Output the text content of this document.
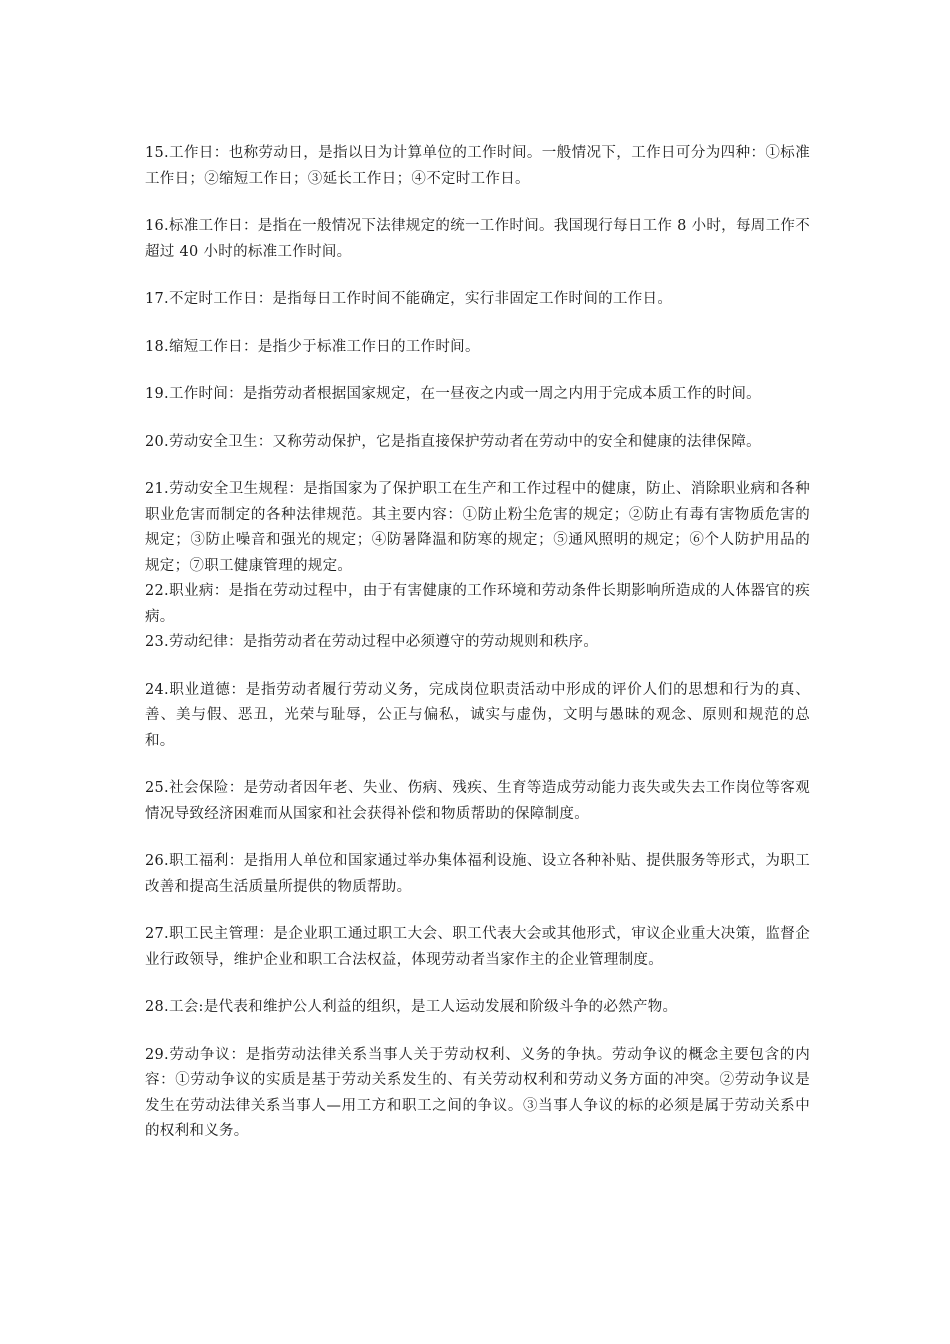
15.工作日：也称劳动日，是指以日为计算单位的工作时间。一般情况下，工作日可分为四种：①标准工作日；②缩短工作日；③延长工作日；④不定时工作日。

16.标准工作日：是指在一般情况下法律规定的统一工作时间。我国现行每日工作 8 小时，每周工作不超过 40 小时的标准工作时间。

17.不定时工作日：是指每日工作时间不能确定，实行非固定工作时间的工作日。

18.缩短工作日：是指少于标准工作日的工作时间。

19.工作时间：是指劳动者根据国家规定，在一昼夜之内或一周之内用于完成本质工作的时间。

20.劳动安全卫生：又称劳动保护，它是指直接保护劳动者在劳动中的安全和健康的法律保障。

21.劳动安全卫生规程：是指国家为了保护职工在生产和工作过程中的健康，防止、消除职业病和各种职业危害而制定的各种法律规范。其主要内容：①防止粉尘危害的规定；②防止有毒有害物质危害的规定；③防止噪音和强光的规定；④防暑降温和防寒的规定；⑤通风照明的规定；⑥个人防护用品的规定；⑦职工健康管理的规定。

22.职业病：是指在劳动过程中，由于有害健康的工作环境和劳动条件长期影响所造成的人体器官的疾病。

23.劳动纪律：是指劳动者在劳动过程中必须遵守的劳动规则和秩序。

24.职业道德：是指劳动者履行劳动义务，完成岗位职责活动中形成的评价人们的思想和行为的真、善、美与假、恶丑，光荣与耻辱，公正与偏私，诚实与虚伪，文明与愚昧的观念、原则和规范的总和。

25.社会保险：是劳动者因年老、失业、伤病、残疾、生育等造成劳动能力丧失或失去工作岗位等客观情况导致经济困难而从国家和社会获得补偿和物质帮助的保障制度。

26.职工福利：是指用人单位和国家通过举办集体福利设施、设立各种补贴、提供服务等形式，为职工改善和提高生活质量所提供的物质帮助。

27.职工民主管理：是企业职工通过职工大会、职工代表大会或其他形式，审议企业重大决策，监督企业行政领导，维护企业和职工合法权益，体现劳动者当家作主的企业管理制度。

28.工会:是代表和维护公人利益的组织，是工人运动发展和阶级斗争的必然产物。

29.劳动争议：是指劳动法律关系当事人关于劳动权利、义务的争执。劳动争议的概念主要包含的内容：①劳动争议的实质是基于劳动关系发生的、有关劳动权利和劳动义务方面的冲突。②劳动争议是发生在劳动法律关系当事人—用工方和职工之间的争议。③当事人争议的标的必须是属于劳动关系中的权利和义务。
